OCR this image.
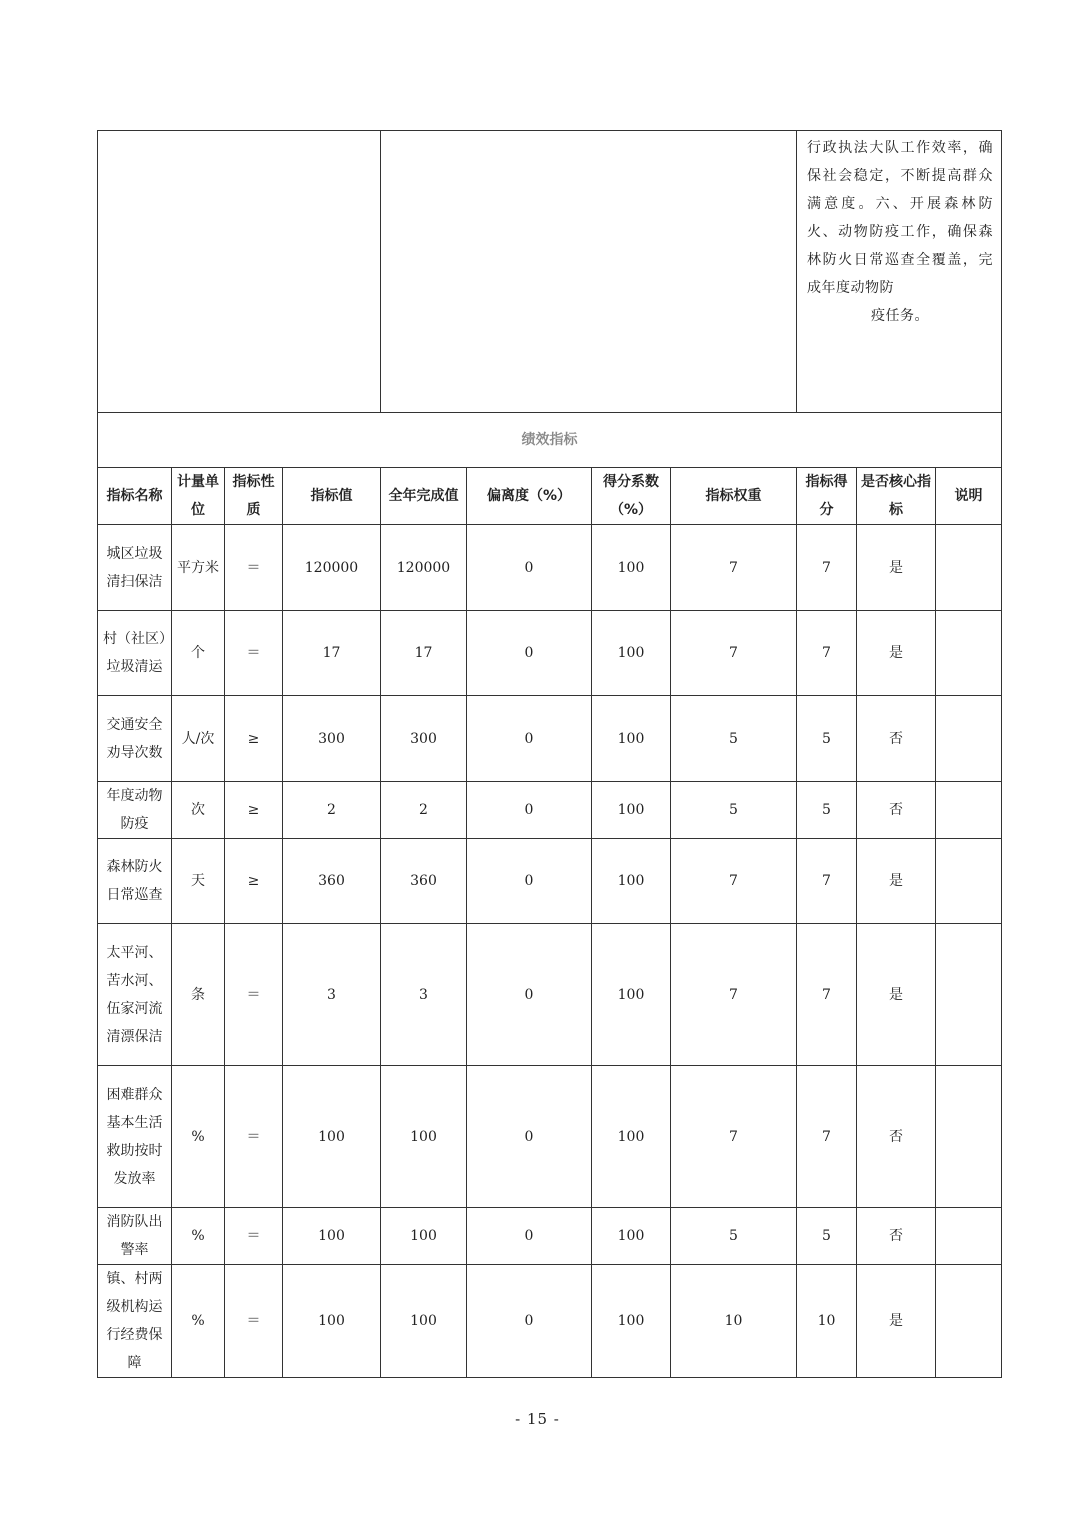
								行政执法大队工作效率，确保社会稳定，不断提高群众满意度。六、开展森林防火、动物防疫工作，确保森林防火日常巡查全覆盖，完成年度动物防
疫任务。		

绩效指标										
指标名称	计量单位	指标性质	指标值	全年完成值	偏离度（%）	得分系数（%）	指标权重	指标得分	是否核心指标	说明
城区垃圾清扫保洁	平方米	＝	120000	120000	0	100	7	7	是	
村（社区）垃圾清运	个	＝	17	17	0	100	7	7	是	
交通安全劝导次数	人/次	≥	300	300	0	100	5	5	否	
年度动物防疫	次	≥	2	2	0	100	5	5	否	
森林防火日常巡查	天	≥	360	360	0	100	7	7	是	
太平河、苦水河、伍家河流清漂保洁	条	＝	3	3	0	100	7	7	是	
困难群众基本生活救助按时发放率	%	＝	100	100	0	100	7	7	否	
消防队出警率	%	＝	100	100	0	100	5	5	否	
镇、村两级机构运行经费保障	%	＝	100	100	0	100	10	10	是	
- 15 -
